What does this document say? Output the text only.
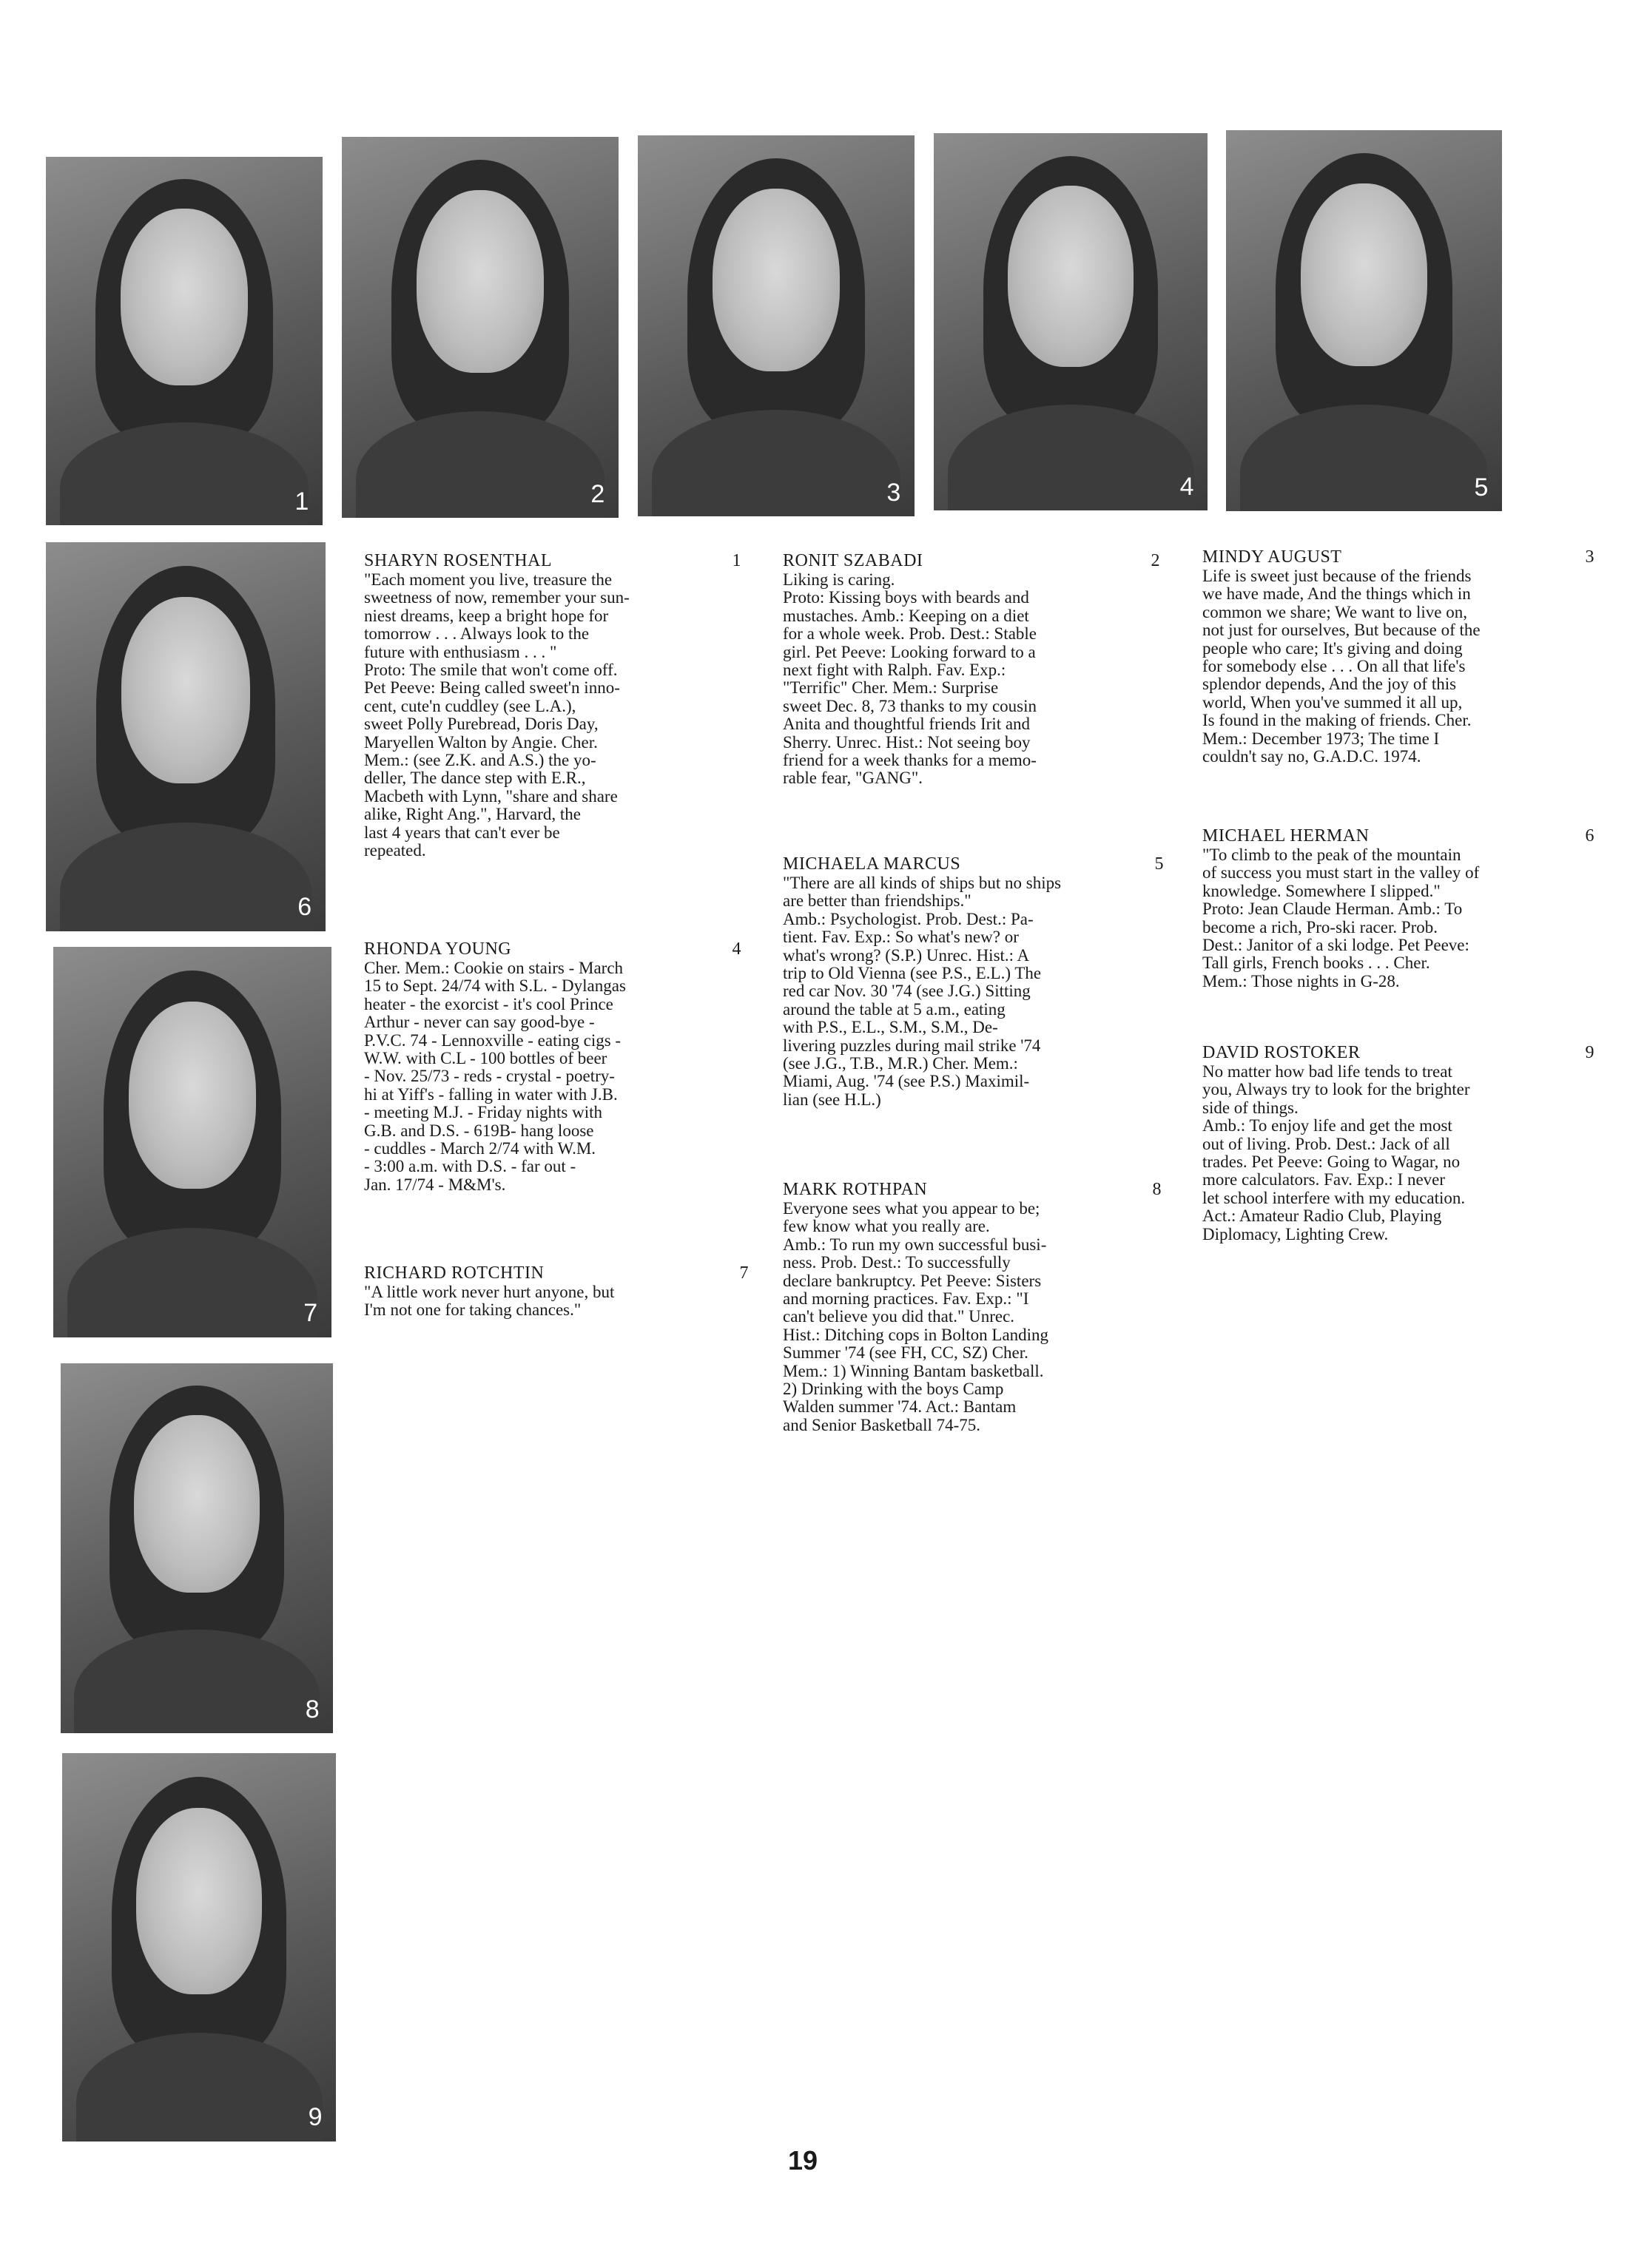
1	2	3	4	5
6
7
8
9
SHARYN ROSENTHAL	1

"Each moment you live, treasure the
sweetness of now, remember your sun-
niest dreams, keep a bright hope for
tomorrow . . . Always look to the
future with enthusiasm . . . "
Proto: The smile that won't come off.
Pet Peeve: Being called sweet'n inno-
cent, cute'n cuddley (see L.A.),
sweet Polly Purebread, Doris Day,
Maryellen Walton by Angie. Cher.
Mem.: (see Z.K. and A.S.) the yo-
deller, The dance step with E.R.,
Macbeth with Lynn, "share and share
alike, Right Ang.", Harvard, the
last 4 years that can't ever be
repeated.

RHONDA YOUNG	4

Cher. Mem.: Cookie on stairs - March
15 to Sept. 24/74 with S.L. - Dylangas
heater - the exorcist - it's cool Prince
Arthur - never can say good-bye -
P.V.C. 74 - Lennoxville - eating cigs -
W.W. with C.L - 100 bottles of beer
- Nov. 25/73 - reds - crystal - poetry-
hi at Yiff's - falling in water with J.B.
- meeting M.J. - Friday nights with
G.B. and D.S. - 619B- hang loose
- cuddles - March 2/74 with W.M.
- 3:00 a.m. with D.S. - far out -
Jan. 17/74 - M&M's.

RICHARD ROTCHTIN	7

"A little work never hurt anyone, but
I'm not one for taking chances."

RONIT SZABADI	2

Liking is caring.
Proto: Kissing boys with beards and
mustaches. Amb.: Keeping on a diet
for a whole week. Prob. Dest.: Stable
girl. Pet Peeve: Looking forward to a
next fight with Ralph. Fav. Exp.:
"Terrific" Cher. Mem.: Surprise
sweet Dec. 8, 73 thanks to my cousin
Anita and thoughtful friends Irit and
Sherry. Unrec. Hist.: Not seeing boy
friend for a week thanks for a memo-
rable fear, "GANG".

MICHAELA MARCUS	5

"There are all kinds of ships but no ships
are better than friendships."
Amb.: Psychologist. Prob. Dest.: Pa-
tient. Fav. Exp.: So what's new? or
what's wrong? (S.P.) Unrec. Hist.: A
trip to Old Vienna (see P.S., E.L.) The
red car Nov. 30 '74 (see J.G.) Sitting
around the table at 5 a.m., eating
with P.S., E.L., S.M., S.M., De-
livering puzzles during mail strike '74
(see J.G., T.B., M.R.) Cher. Mem.:
Miami, Aug. '74 (see P.S.) Maximil-
lian (see H.L.)

MARK ROTHPAN	8

Everyone sees what you appear to be;
few know what you really are.
Amb.: To run my own successful busi-
ness. Prob. Dest.: To successfully
declare bankruptcy. Pet Peeve: Sisters
and morning practices. Fav. Exp.: "I
can't believe you did that." Unrec.
Hist.: Ditching cops in Bolton Landing
Summer '74 (see FH, CC, SZ) Cher.
Mem.: 1) Winning Bantam basketball.
2) Drinking with the boys Camp
Walden summer '74. Act.: Bantam
and Senior Basketball 74-75.

MINDY AUGUST	3

Life is sweet just because of the friends
we have made, And the things which in
common we share; We want to live on,
not just for ourselves, But because of the
people who care; It's giving and doing
for somebody else . . . On all that life's
splendor depends, And the joy of this
world, When you've summed it all up,
Is found in the making of friends. Cher.
Mem.: December 1973; The time I
couldn't say no, G.A.D.C. 1974.

MICHAEL HERMAN	6

"To climb to the peak of the mountain
of success you must start in the valley of
knowledge. Somewhere I slipped."
Proto: Jean Claude Herman. Amb.: To
become a rich, Pro-ski racer. Prob.
Dest.: Janitor of a ski lodge. Pet Peeve:
Tall girls, French books . . . Cher.
Mem.: Those nights in G-28.

DAVID ROSTOKER	9

No matter how bad life tends to treat
you, Always try to look for the brighter
side of things.
Amb.: To enjoy life and get the most
out of living. Prob. Dest.: Jack of all
trades. Pet Peeve: Going to Wagar, no
more calculators. Fav. Exp.: I never
let school interfere with my education.
Act.: Amateur Radio Club, Playing
Diplomacy, Lighting Crew.

19
